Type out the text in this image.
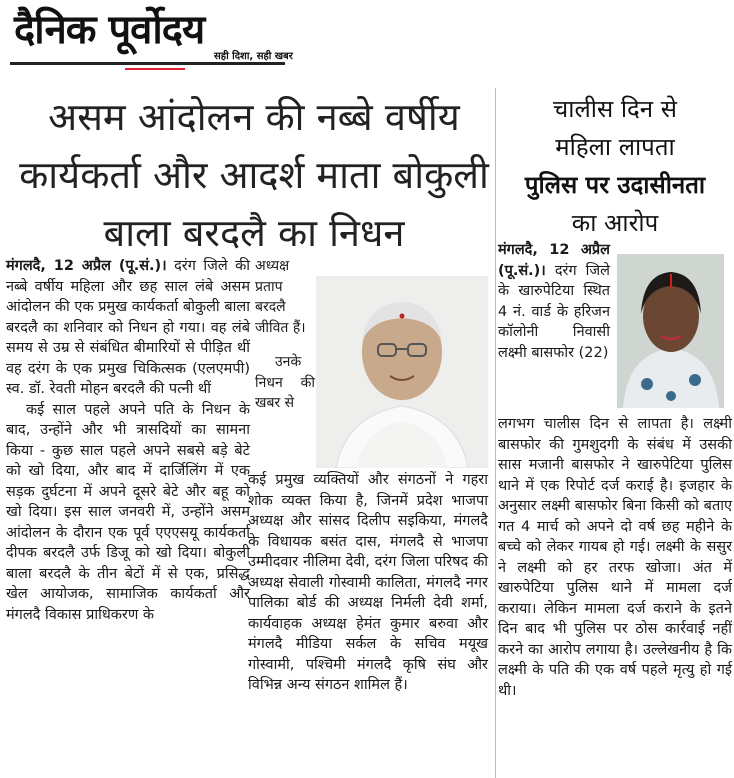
दैनिक पूर्वोदय
सही दिशा, सही खबर
असम आंदोलन की नब्बे वर्षीय कार्यकर्ता और आदर्श माता बोकुली बाला बरदलै का निधन
चालीस दिन से
महिला लापता
पुलिस पर उदासीनता
का आरोप

मंगलदै, 12 अप्रैल (पू.सं.)। दरंग जिले की नब्बे वर्षीय महिला और छह साल लंबे असम आंदोलन की एक प्रमुख कार्यकर्ता बोकुली बाला बरदलै का शनिवार को निधन हो गया। वह लंबे समय से उम्र से संबंधित बीमारियों से पीड़ित थीं वह दरंग के एक प्रमुख चिकित्सक (एलएमपी) स्व. डॉ. रेवती मोहन बरदलै की पत्नी थीं

कई साल पहले अपने पति के निधन के बाद, उन्होंने और भी त्रासदियों का सामना किया - कुछ साल पहले अपने सबसे बड़े बेटे को खो दिया, और बाद में दार्जिलिंग में एक सड़क दुर्घटना में अपने दूसरे बेटे और बहू को खो दिया। इस साल जनवरी में, उन्होंने असम आंदोलन के दौरान एक पूर्व एएएसयू कार्यकर्ता दीपक बरदलै उर्फ डिजू को खो दिया। बोकुली बाला बरदलै के तीन बेटों में से एक, प्रसिद्ध खेल आयोजक, सामाजिक कार्यकर्ता और मंगलदै विकास प्राधिकरण के

अध्यक्ष प्रताप बरदलै जीवित हैं।

उनके निधन की खबर से

कई प्रमुख व्यक्तियों और संगठनों ने गहरा शोक व्यक्त किया है, जिनमें प्रदेश भाजपा अध्यक्ष और सांसद दिलीप सइकिया, मंगलदै के विधायक बसंत दास, मंगलदै से भाजपा उम्मीदवार नीलिमा देवी, दरंग जिला परिषद की अध्यक्ष सेवाली गोस्वामी कालिता, मंगलदै नगर पालिका बोर्ड की अध्यक्ष निर्मली देवी शर्मा, कार्यवाहक अध्यक्ष हेमंत कुमार बरुवा और मंगलदै मीडिया सर्कल के सचिव मयूख गोस्वामी, पश्चिमी मंगलदै कृषि संघ और विभिन्न अन्य संगठन शामिल हैं।

मंगलदै, 12 अप्रैल (पू.सं.)। दरंग जिले के खारुपेटिया स्थित 4 नं. वार्ड के हरिजन कॉलोनी निवासी लक्ष्मी बासफोर (22)

लगभग चालीस दिन से लापता है। लक्ष्मी बासफोर की गुमशुदगी के संबंध में उसकी सास मजानी बासफोर ने खारुपेटिया पुलिस थाने में एक रिपोर्ट दर्ज कराई है। इजहार के अनुसार लक्ष्मी बासफोर बिना किसी को बताए गत 4 मार्च को अपने दो वर्ष छह महीने के बच्चे को लेकर गायब हो गई। लक्ष्मी के ससुर ने लक्ष्मी को हर तरफ खोजा। अंत में खारुपेटिया पुलिस थाने में मामला दर्ज कराया। लेकिन मामला दर्ज कराने के इतने दिन बाद भी पुलिस पर ठोस कार्रवाई नहीं करने का आरोप लगाया है। उल्लेखनीय है कि लक्ष्मी के पति की एक वर्ष पहले मृत्यु हो गई थी।
